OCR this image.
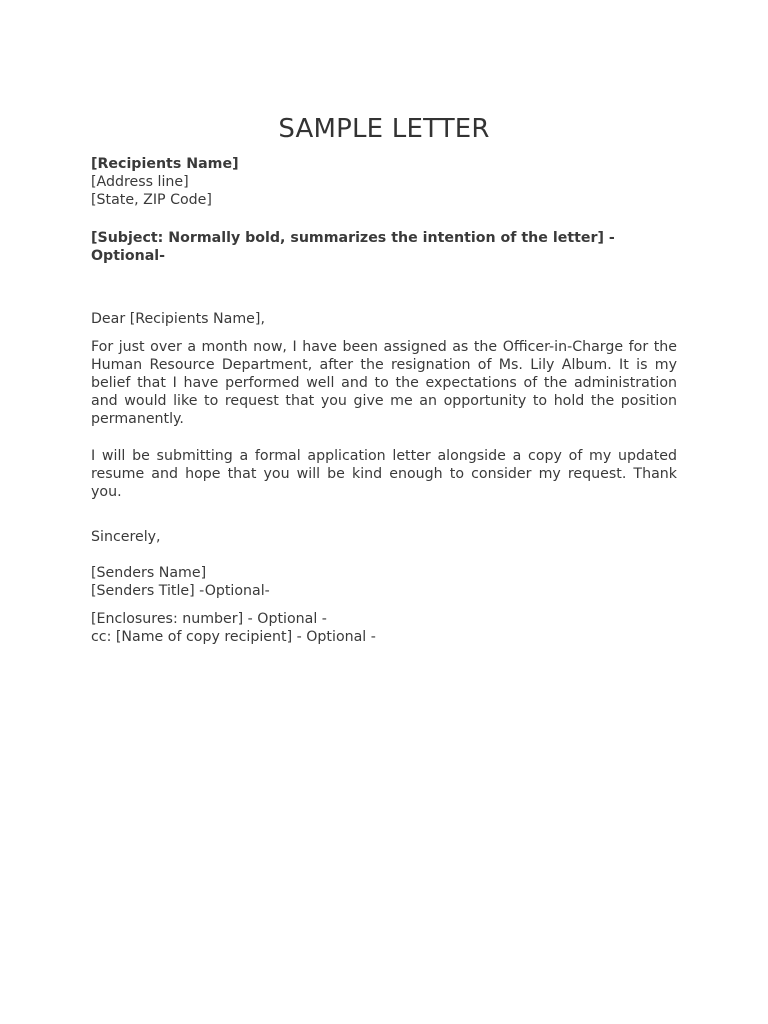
SAMPLE LETTER
[Recipients Name]
[Address line]
[State, ZIP Code]
[Subject: Normally bold, summarizes the intention of the letter] -Optional-
Dear [Recipients Name],

For just over a month now, I have been assigned as the Officer-in-Charge for the Human Resource Department, after the resignation of Ms. Lily Album. It is my belief that I have performed well and to the expectations of the administration and would like to request that you give me an opportunity to hold the position permanently.

I will be submitting a formal application letter alongside a copy of my updated resume and hope that you will be kind enough to consider my request. Thank you.

Sincerely,
[Senders Name]
[Senders Title] -Optional-
[Enclosures: number] - Optional -
cc: [Name of copy recipient] - Optional -
